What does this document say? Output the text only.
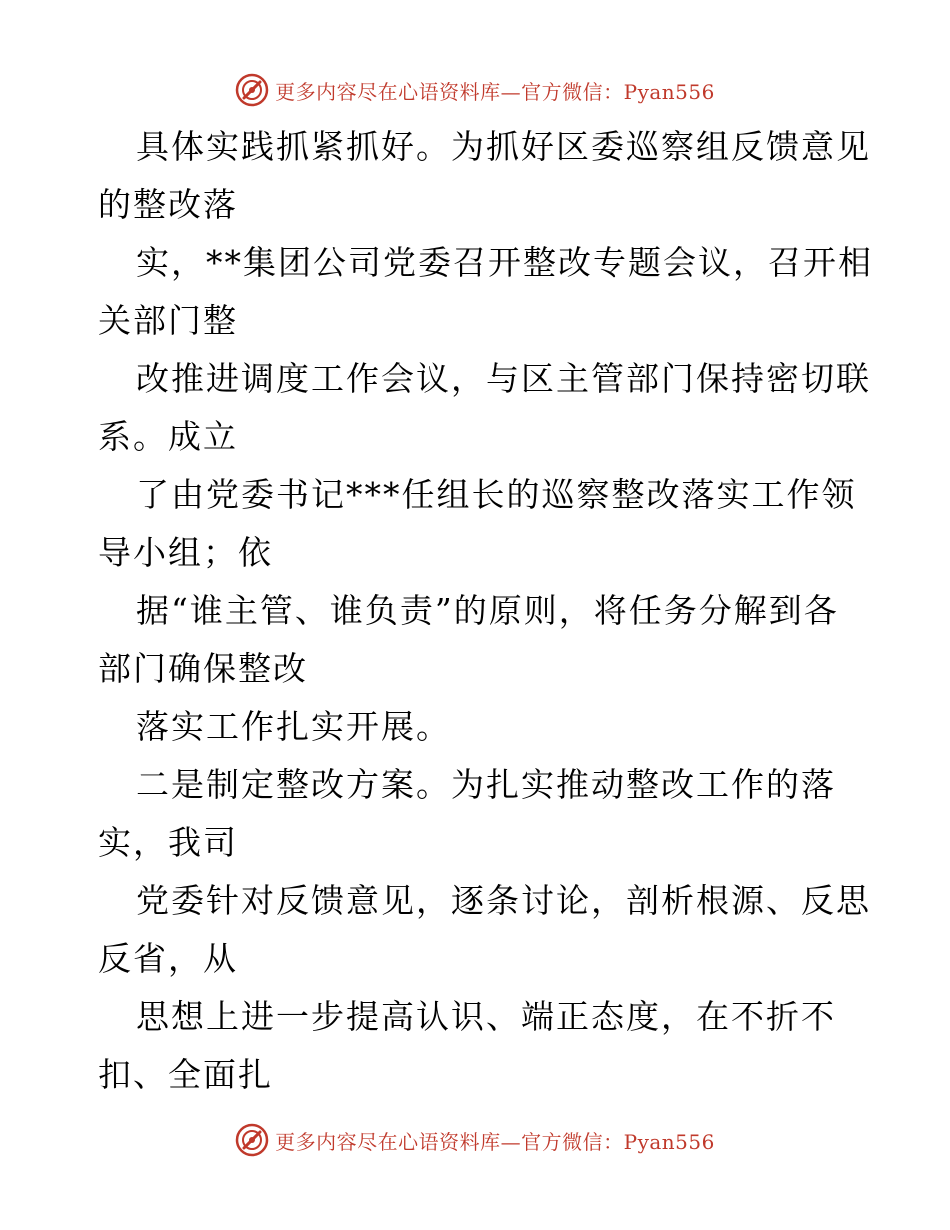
更多内容尽在心语资料库—官方微信：Pyan556
具体实践抓紧抓好。为抓好区委巡察组反馈意见
的整改落
实，**集团公司党委召开整改专题会议，召开相
关部门整
改推进调度工作会议，与区主管部门保持密切联
系。成立
了由党委书记***任组长的巡察整改落实工作领
导小组；依
据“谁主管、谁负责”的原则，将任务分解到各
部门确保整改
落实工作扎实开展。
二是制定整改方案。为扎实推动整改工作的落
实，我司
党委针对反馈意见，逐条讨论，剖析根源、反思
反省，从
思想上进一步提高认识、端正态度，在不折不
扣、全面扎
更多内容尽在心语资料库—官方微信：Pyan556
